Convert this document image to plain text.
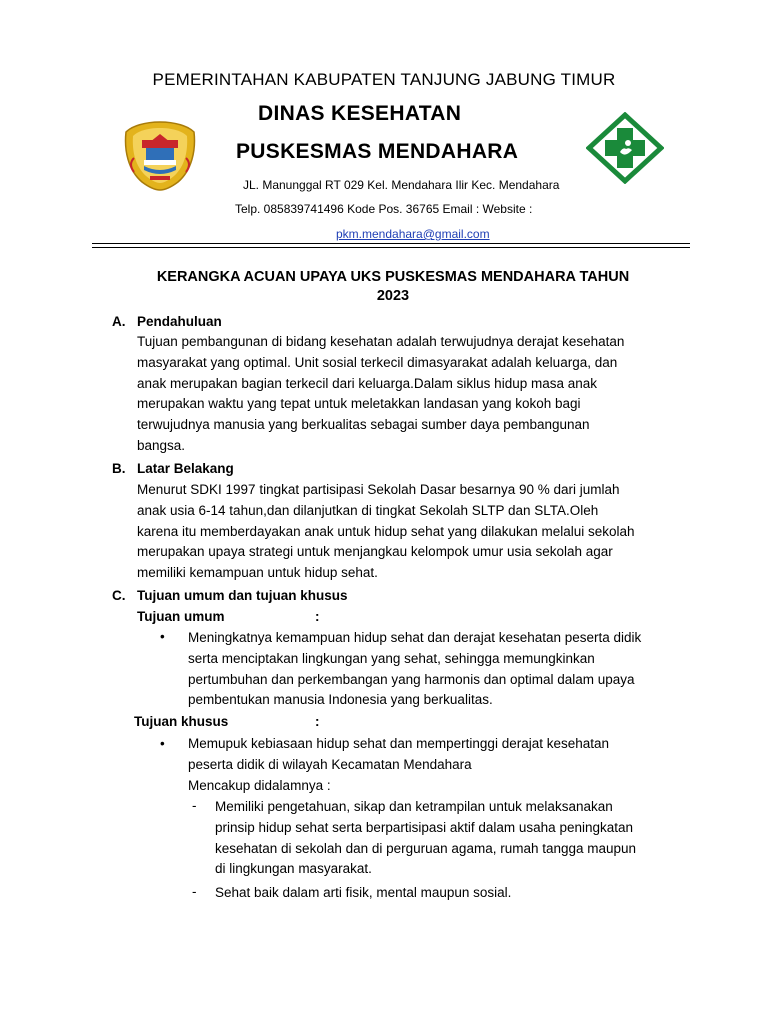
PEMERINTAHAN KABUPATEN TANJUNG JABUNG TIMUR
DINAS KESEHATAN
PUSKESMAS MENDAHARA
JL. Manunggal RT 029 Kel. Mendahara Ilir Kec. Mendahara
Telp. 085839741496 Kode Pos. 36765 Email : Website :
pkm.mendahara@gmail.com
KERANGKA ACUAN UPAYA UKS PUSKESMAS MENDAHARA TAHUN
2023
A. Pendahuluan
Tujuan pembangunan di bidang kesehatan adalah terwujudnya derajat kesehatan
masyarakat yang optimal. Unit sosial terkecil dimasyarakat adalah keluarga, dan
anak merupakan bagian terkecil dari keluarga.Dalam siklus hidup masa anak
merupakan waktu yang tepat untuk meletakkan landasan yang kokoh bagi
terwujudnya manusia yang berkualitas sebagai sumber daya pembangunan
bangsa.
B. Latar Belakang
Menurut SDKI 1997 tingkat partisipasi Sekolah Dasar besarnya 90 % dari jumlah
anak usia 6-14 tahun,dan dilanjutkan di tingkat Sekolah SLTP dan SLTA.Oleh
karena itu memberdayakan anak untuk hidup sehat yang dilakukan melalui sekolah
merupakan upaya strategi untuk menjangkau kelompok umur usia sekolah agar
memiliki kemampuan untuk hidup sehat.
C. Tujuan umum dan tujuan khusus
Tujuan umum	:
• Meningkatnya kemampuan hidup sehat dan derajat kesehatan peserta didik
serta menciptakan lingkungan yang sehat, sehingga memungkinkan
pertumbuhan dan perkembangan yang harmonis dan optimal dalam upaya
pembentukan manusia Indonesia yang berkualitas.
Tujuan khusus	:
• Memupuk kebiasaan hidup sehat dan mempertinggi derajat kesehatan
peserta didik di wilayah Kecamatan Mendahara
Mencakup didalamnya :
- Memiliki pengetahuan, sikap dan ketrampilan untuk melaksanakan
prinsip hidup sehat serta berpartisipasi aktif dalam usaha peningkatan
kesehatan di sekolah dan di perguruan agama, rumah tangga maupun
di lingkungan masyarakat.
- Sehat baik dalam arti fisik, mental maupun sosial.
